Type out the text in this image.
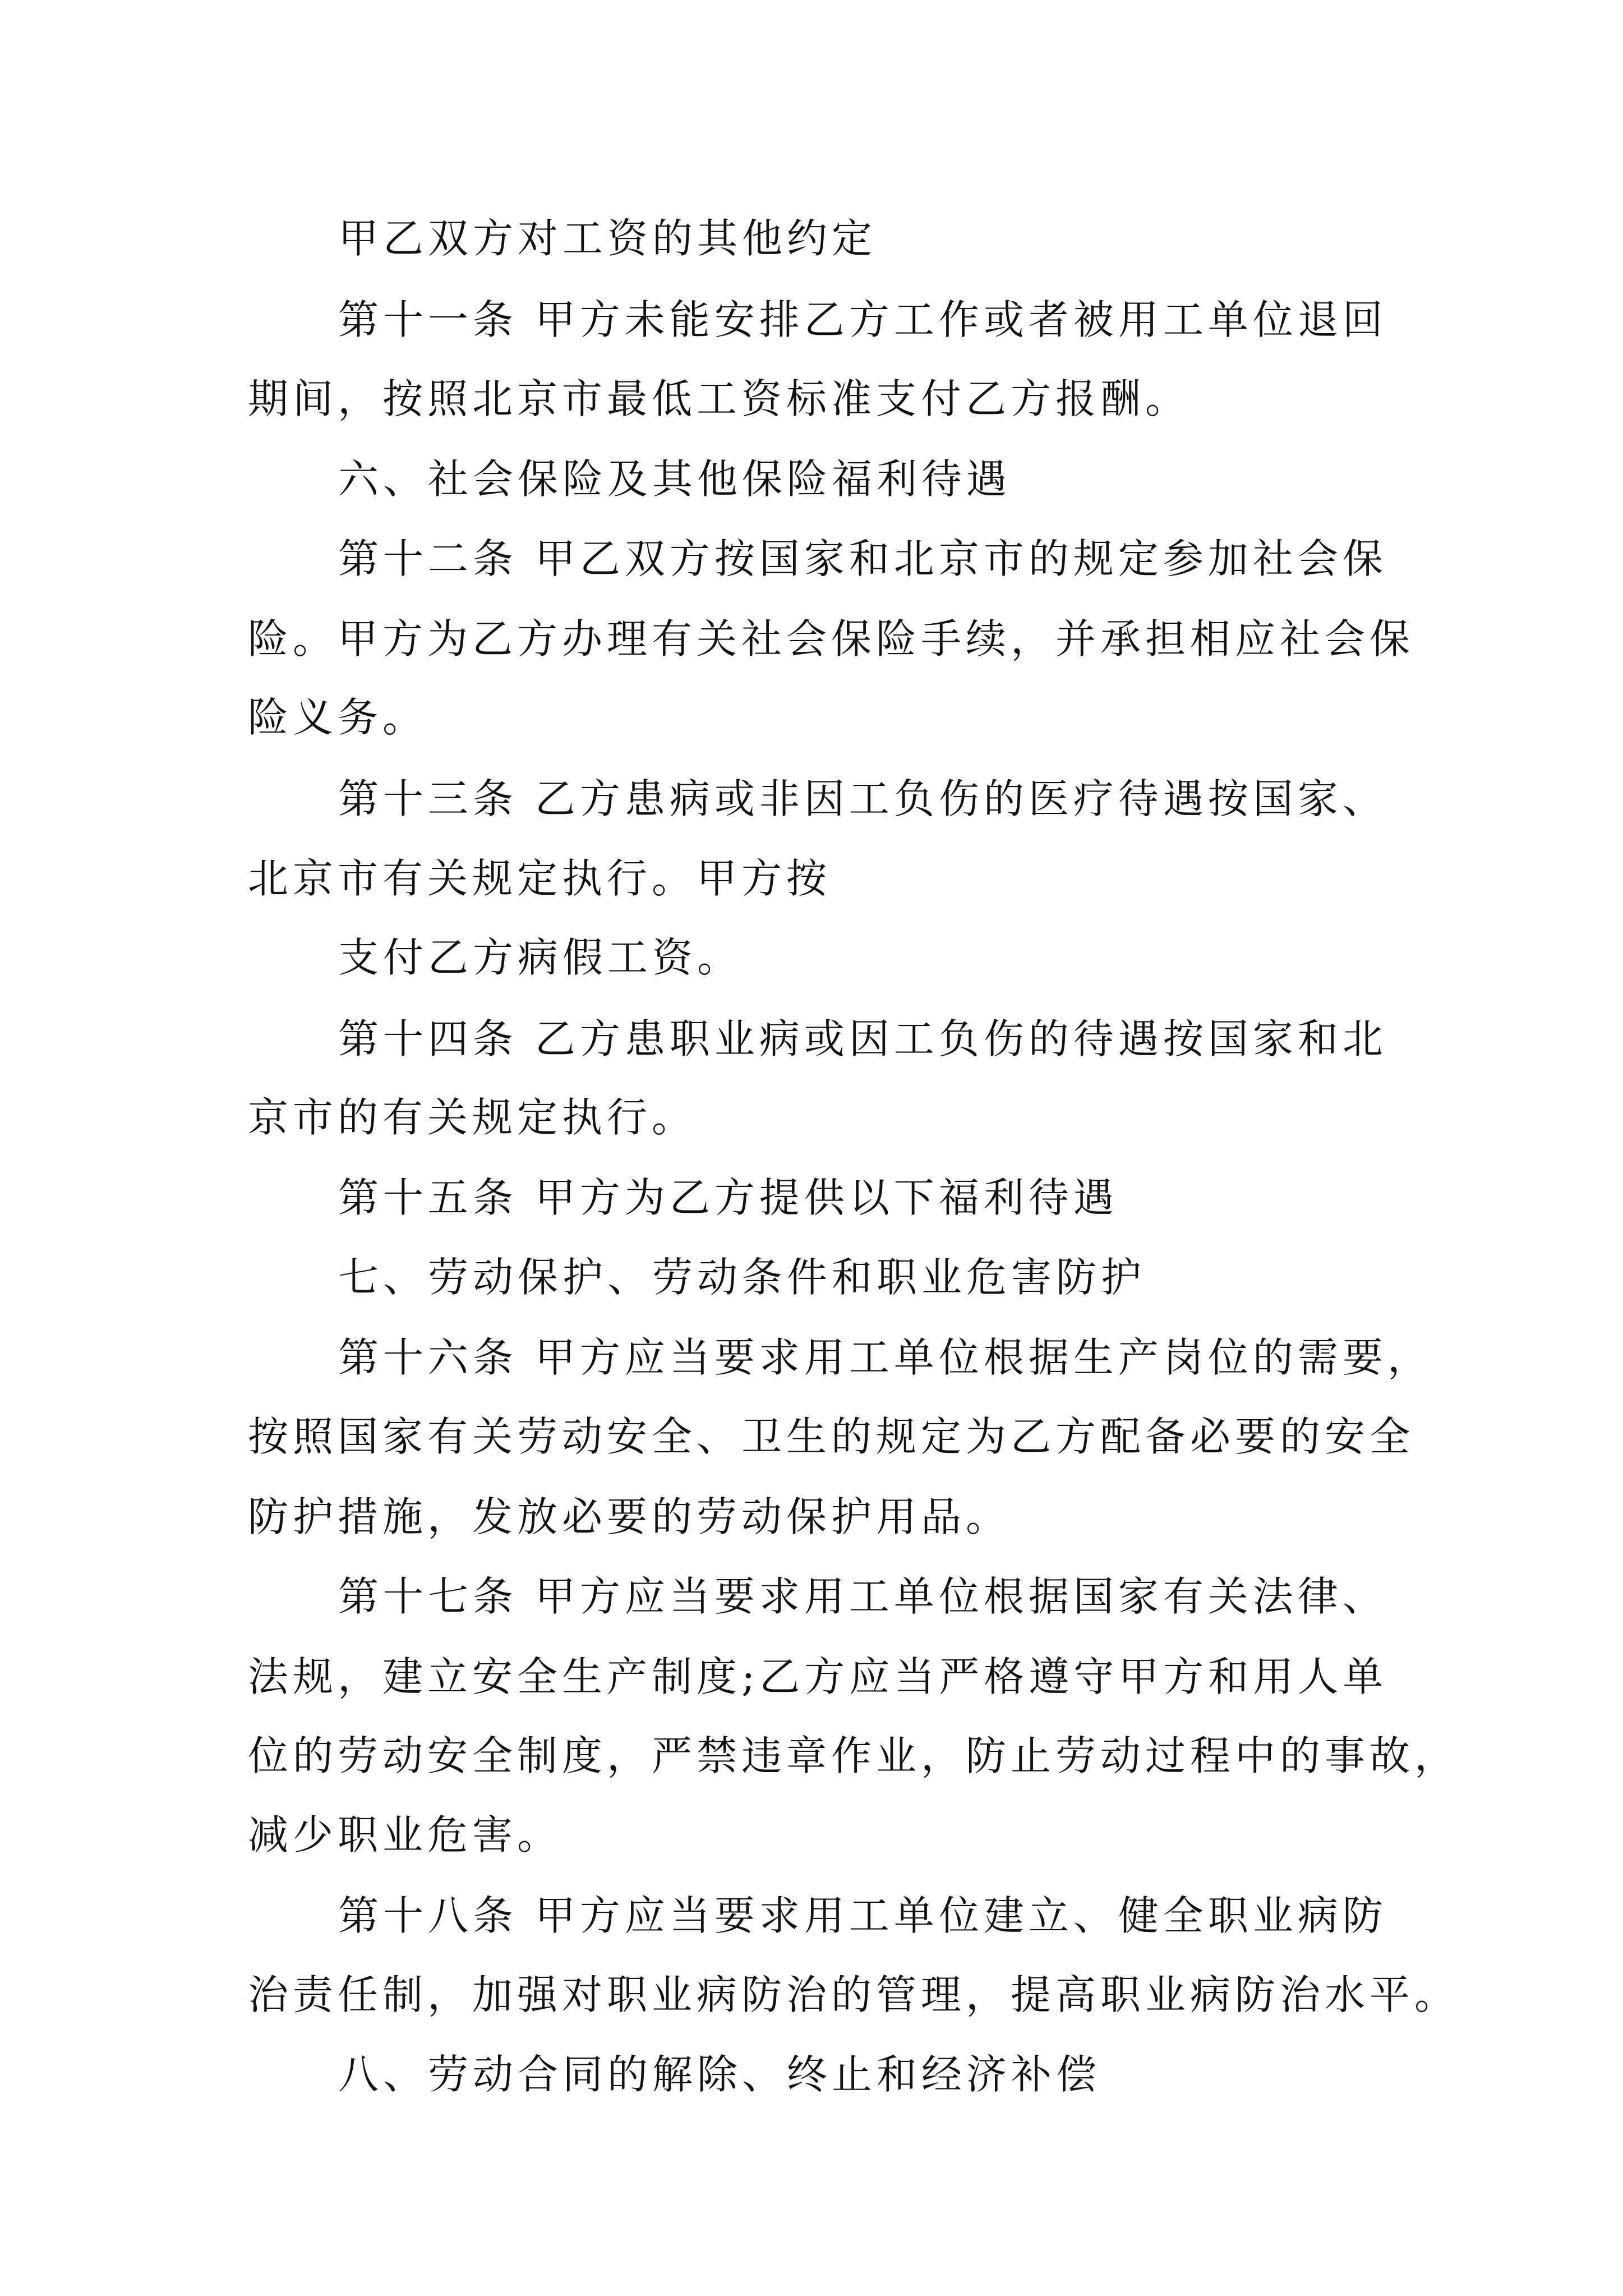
甲乙双方对工资的其他约定
第十一条 甲方未能安排乙方工作或者被用工单位退回
期间，按照北京市最低工资标准支付乙方报酬。
六、社会保险及其他保险福利待遇
第十二条 甲乙双方按国家和北京市的规定参加社会保
险。甲方为乙方办理有关社会保险手续，并承担相应社会保
险义务。
第十三条 乙方患病或非因工负伤的医疗待遇按国家、
北京市有关规定执行。甲方按
支付乙方病假工资。
第十四条 乙方患职业病或因工负伤的待遇按国家和北
京市的有关规定执行。
第十五条 甲方为乙方提供以下福利待遇
七、劳动保护、劳动条件和职业危害防护
第十六条 甲方应当要求用工单位根据生产岗位的需要，
按照国家有关劳动安全、卫生的规定为乙方配备必要的安全
防护措施，发放必要的劳动保护用品。
第十七条 甲方应当要求用工单位根据国家有关法律、
法规，建立安全生产制度;乙方应当严格遵守甲方和用人单
位的劳动安全制度，严禁违章作业，防止劳动过程中的事故，
减少职业危害。
第十八条 甲方应当要求用工单位建立、健全职业病防
治责任制，加强对职业病防治的管理，提高职业病防治水平。
八、劳动合同的解除、终止和经济补偿
